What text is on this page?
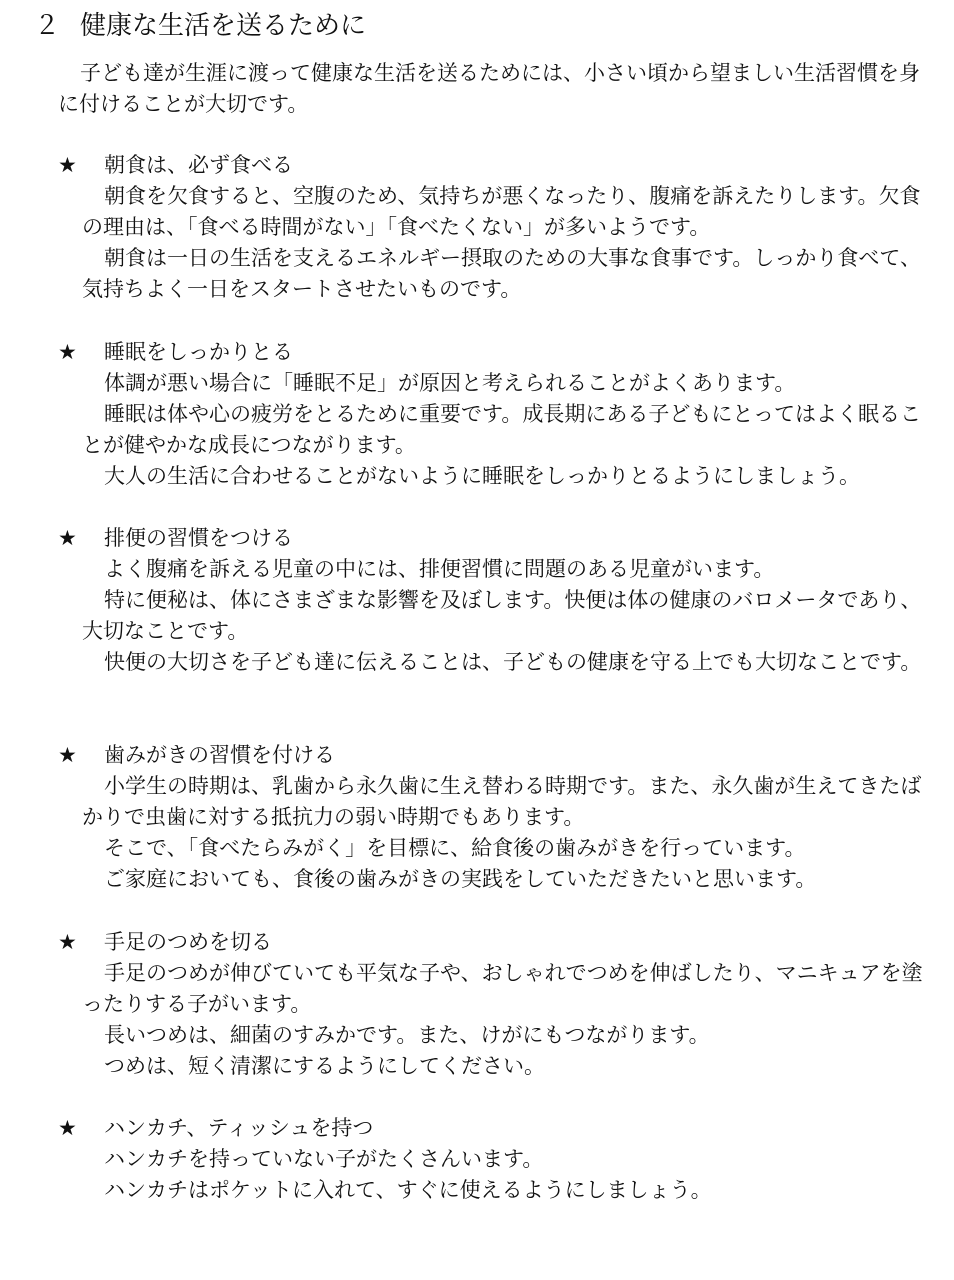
２ 健康な生活を送るために
子ども達が生涯に渡って健康な生活を送るためには、小さい頃から望ましい生活習慣を身に付けることが大切です。
★ 朝食は、必ず食べる
朝食を欠食すると、空腹のため、気持ちが悪くなったり、腹痛を訴えたりします。欠食の理由は、「食べる時間がない」「食べたくない」が多いようです。
朝食は一日の生活を支えるエネルギー摂取のための大事な食事です。しっかり食べて、気持ちよく一日をスタートさせたいものです。
★ 睡眠をしっかりとる
体調が悪い場合に「睡眠不足」が原因と考えられることがよくあります。
睡眠は体や心の疲労をとるために重要です。成長期にある子どもにとってはよく眠ることが健やかな成長につながります。
大人の生活に合わせることがないように睡眠をしっかりとるようにしましょう。
★ 排便の習慣をつける
よく腹痛を訴える児童の中には、排便習慣に問題のある児童がいます。
特に便秘は、体にさまざまな影響を及ぼします。快便は体の健康のバロメータであり、大切なことです。
快便の大切さを子ども達に伝えることは、子どもの健康を守る上でも大切なことです。
★ 歯みがきの習慣を付ける
小学生の時期は、乳歯から永久歯に生え替わる時期です。また、永久歯が生えてきたばかりで虫歯に対する抵抗力の弱い時期でもあります。
そこで、「食べたらみがく」を目標に、給食後の歯みがきを行っています。
ご家庭においても、食後の歯みがきの実践をしていただきたいと思います。
★ 手足のつめを切る
手足のつめが伸びていても平気な子や、おしゃれでつめを伸ばしたり、マニキュアを塗ったりする子がいます。
長いつめは、細菌のすみかです。また、けがにもつながります。
つめは、短く清潔にするようにしてください。
★ ハンカチ、ティッシュを持つ
ハンカチを持っていない子がたくさんいます。
ハンカチはポケットに入れて、すぐに使えるようにしましょう。
